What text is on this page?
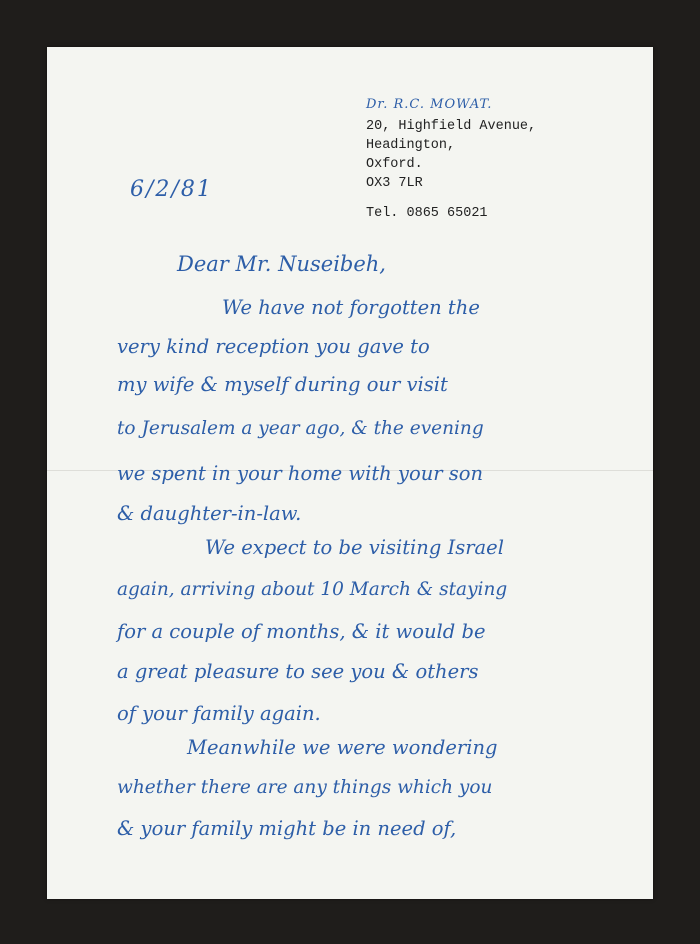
Dr. R.C. MOWAT.
20, Highfield Avenue,
Headington,
Oxford.
OX3 7LR
Tel. 0865 65021
6/2/81
Dear Mr. Nuseibeh,
We have not forgotten the
very kind reception you gave to
my wife & myself during our visit
to Jerusalem a year ago, & the evening
we spent in your home with your son
& daughter-in-law.
We expect to be visiting Israel
again, arriving about 10 March & staying
for a couple of months, & it would be
a great pleasure to see you & others
of your family again.
Meanwhile we were wondering
whether there are any things which you
& your family might be in need of,
